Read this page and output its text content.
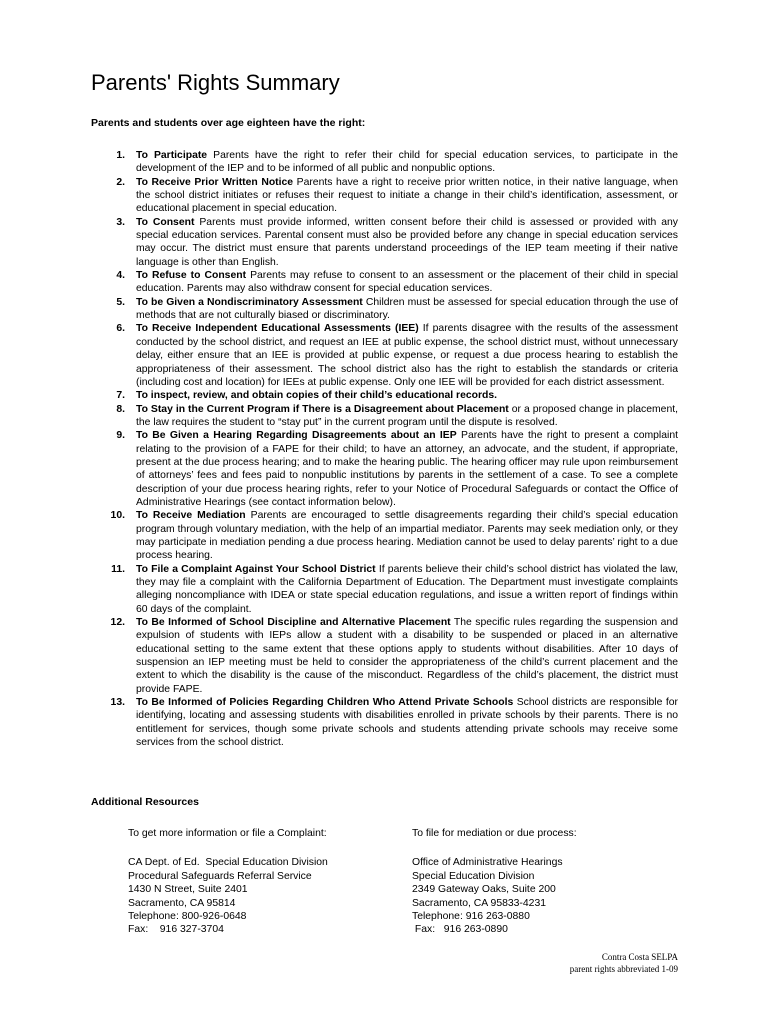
Parents' Rights Summary

Parents and students over age eighteen have the right:

1. To Participate Parents have the right to refer their child for special education services, to participate in the development of the IEP and to be informed of all public and nonpublic options.
2. To Receive Prior Written Notice Parents have a right to receive prior written notice, in their native language, when the school district initiates or refuses their request to initiate a change in their child’s identification, assessment, or educational placement in special education.
3. To Consent Parents must provide informed, written consent before their child is assessed or provided with any special education services. Parental consent must also be provided before any change in special education services may occur. The district must ensure that parents understand proceedings of the IEP team meeting if their native language is other than English.
4. To Refuse to Consent Parents may refuse to consent to an assessment or the placement of their child in special education. Parents may also withdraw consent for special education services.
5. To be Given a Nondiscriminatory Assessment Children must be assessed for special education through the use of methods that are not culturally biased or discriminatory.
6. To Receive Independent Educational Assessments (IEE) If parents disagree with the results of the assessment conducted by the school district, and request an IEE at public expense, the school district must, without unnecessary delay, either ensure that an IEE is provided at public expense, or request a due process hearing to establish the appropriateness of their assessment. The school district also has the right to establish the standards or criteria (including cost and location) for IEEs at public expense. Only one IEE will be provided for each district assessment.
7. To inspect, review, and obtain copies of their child’s educational records.
8. To Stay in the Current Program if There is a Disagreement about Placement or a proposed change in placement, the law requires the student to “stay put” in the current program until the dispute is resolved.
9. To Be Given a Hearing Regarding Disagreements about an IEP Parents have the right to present a complaint relating to the provision of a FAPE for their child; to have an attorney, an advocate, and the student, if appropriate, present at the due process hearing; and to make the hearing public. The hearing officer may rule upon reimbursement of attorneys’ fees and fees paid to nonpublic institutions by parents in the settlement of a case. To see a complete description of your due process hearing rights, refer to your Notice of Procedural Safeguards or contact the Office of Administrative Hearings (see contact information below).
10. To Receive Mediation Parents are encouraged to settle disagreements regarding their child’s special education program through voluntary mediation, with the help of an impartial mediator. Parents may seek mediation only, or they may participate in mediation pending a due process hearing. Mediation cannot be used to delay parents’ right to a due process hearing.
11. To File a Complaint Against Your School District If parents believe their child’s school district has violated the law, they may file a complaint with the California Department of Education. The Department must investigate complaints alleging noncompliance with IDEA or state special education regulations, and issue a written report of findings within 60 days of the complaint.
12. To Be Informed of School Discipline and Alternative Placement The specific rules regarding the suspension and expulsion of students with IEPs allow a student with a disability to be suspended or placed in an alternative educational setting to the same extent that these options apply to students without disabilities. After 10 days of suspension an IEP meeting must be held to consider the appropriateness of the child’s current placement and the extent to which the disability is the cause of the misconduct. Regardless of the child’s placement, the district must provide FAPE.
13. To Be Informed of Policies Regarding Children Who Attend Private Schools School districts are responsible for identifying, locating and assessing students with disabilities enrolled in private schools by their parents. There is no entitlement for services, though some private schools and students attending private schools may receive some services from the school district.

Additional Resources

To get more information or file a Complaint:

CA Dept. of Ed.  Special Education Division
Procedural Safeguards Referral Service
1430 N Street, Suite 2401
Sacramento, CA 95814
Telephone: 800-926-0648
Fax:    916 327-3704

To file for mediation or due process:

Office of Administrative Hearings
Special Education Division
2349 Gateway Oaks, Suite 200
Sacramento, CA 95833-4231
Telephone: 916 263-0880
Fax:   916 263-0890
Contra Costa SELPA
parent rights abbreviated 1-09
